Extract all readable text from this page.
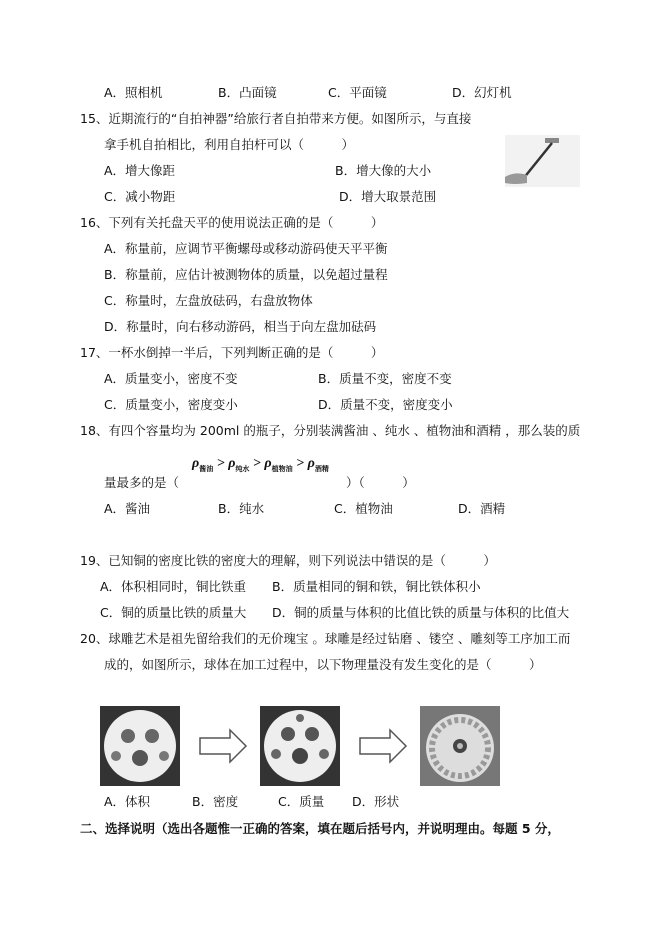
A．照相机	B．凸面镜	C．平面镜	D．幻灯机
15、近期流行的“自拍神器”给旅行者自拍带来方便。如图所示，与直接
拿手机自拍相比，利用自拍杆可以（　　　）
A．增大像距	B．增大像的大小
C．减小物距	D．增大取景范围
16、下列有关托盘天平的使用说法正确的是（　　　）
A．称量前，应调节平衡螺母或移动游码使天平平衡
B．称量前，应估计被测物体的质量，以免超过量程
C．称量时，左盘放砝码，右盘放物体
D．称量时，向右移动游码，相当于向左盘加砝码
17、一杯水倒掉一半后，下列判断正确的是（　　　）
A．质量变小，密度不变	B．质量不变，密度不变
C．质量变小，密度变小	D．质量不变，密度变小
18、有四个容量均为 200ml 的瓶子，分别装满酱油 、纯水 、植物油和酒精 ，那么装的质
$\rho_{酱油} > \rho_{纯水} > \rho_{植物油} > \rho_{酒精}$
量最多的是（	）（　　　）
A．酱油	B．纯水	C．植物油	D．酒精
19、已知铜的密度比铁的密度大的理解，则下列说法中错误的是（　　　）
A．体积相同时，铜比铁重 B．质量相同的铜和铁，铜比铁体积小
C．铜的质量比铁的质量大 D．铜的质量与体积的比值比铁的质量与体积的比值大
20、球雕艺术是祖先留给我们的无价瑰宝 。球雕是经过钻磨 、镂空 、雕刻等工序加工而
成的，如图所示，球体在加工过程中，以下物理量没有发生变化的是（　　　）
A．体积	B．密度	C．质量 D．形状
二、选择说明（选出各题惟一正确的答案，填在题后括号内，并说明理由。每题 5 分，
